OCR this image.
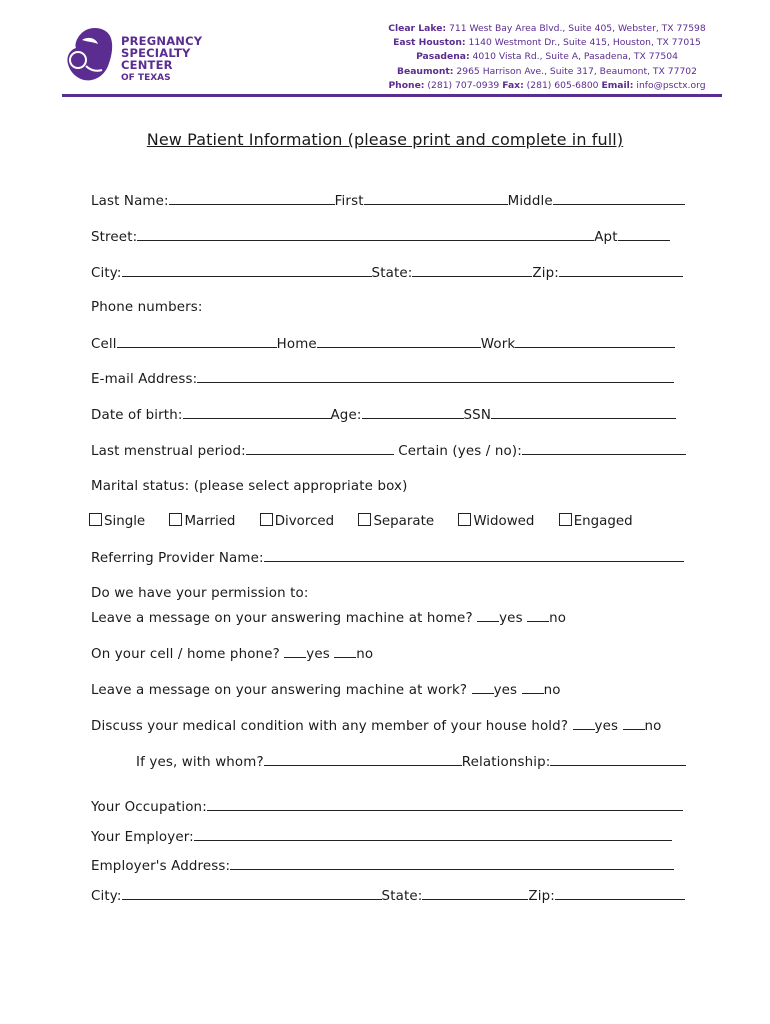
PREGNANCY
SPECIALTY
CENTER
OF TEXAS
Clear Lake: 711 West Bay Area Blvd., Suite 405, Webster, TX 77598
East Houston: 1140 Westmont Dr., Suite 415, Houston, TX 77015
Pasadena: 4010 Vista Rd., Suite A, Pasadena, TX 77504
Beaumont: 2965 Harrison Ave., Suite 317, Beaumont, TX 77702
Phone: (281) 707-0939 Fax: (281) 605-6800 Email: info@psctx.org
New Patient Information (please print and complete in full)
Last Name:	First	Middle
Street:	Apt
City:	State:	Zip:
Phone numbers:
Cell	Home	Work
E-mail Address:
Date of birth:	Age:	SSN
Last menstrual period:	Certain (yes / no):
Marital status: (please select appropriate box)
Single	Married	Divorced	Separate	Widowed	Engaged
Referring Provider Name:
Do we have your permission to:
Leave a message on your answering machine at home? yes no
On your cell / home phone? yes no
Leave a message on your answering machine at work? yes no
Discuss your medical condition with any member of your house hold? yes no
If yes, with whom?	Relationship:
Your Occupation:
Your Employer:
Employer's Address:
City:	State:	Zip:
